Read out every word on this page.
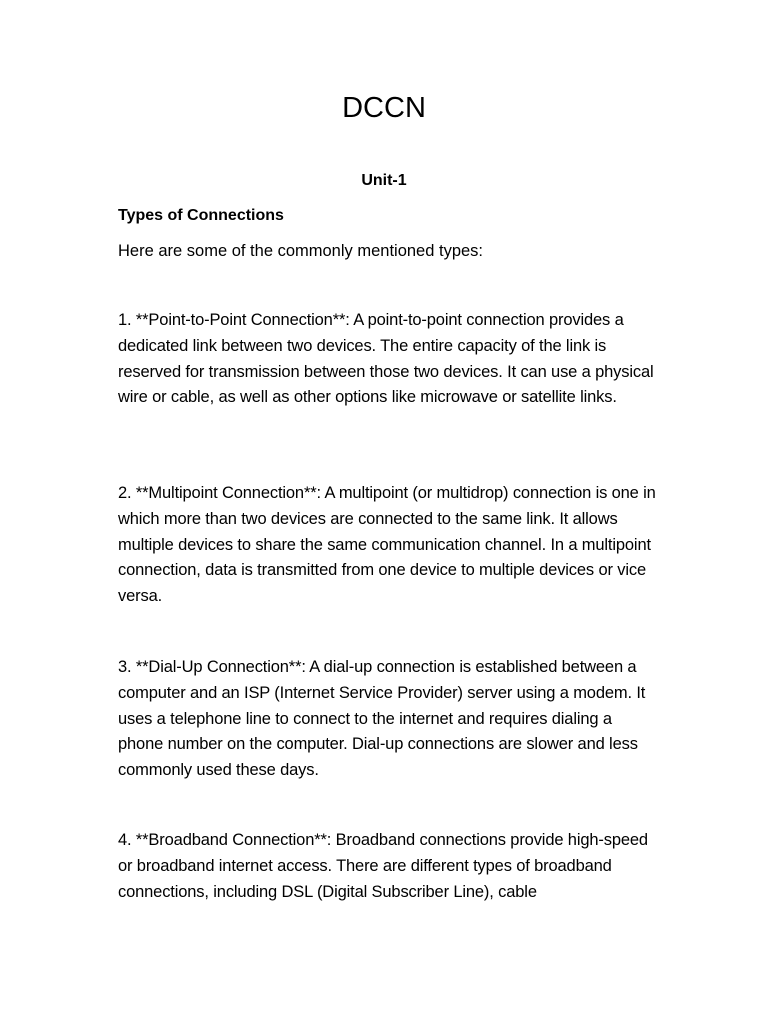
DCCN
Unit-1
Types of Connections

Here are some of the commonly mentioned types:

1. **Point-to-Point Connection**: A point-to-point connection provides a dedicated link between two devices. The entire capacity of the link is reserved for transmission between those two devices. It can use a physical wire or cable, as well as other options like microwave or satellite links.

2. **Multipoint Connection**: A multipoint (or multidrop) connection is one in which more than two devices are connected to the same link. It allows multiple devices to share the same communication channel. In a multipoint connection, data is transmitted from one device to multiple devices or vice versa.

3. **Dial-Up Connection**: A dial-up connection is established between a computer and an ISP (Internet Service Provider) server using a modem. It uses a telephone line to connect to the internet and requires dialing a phone number on the computer. Dial-up connections are slower and less commonly used these days.

4. **Broadband Connection**: Broadband connections provide high-speed or broadband internet access. There are different types of broadband connections, including DSL (Digital Subscriber Line), cable
